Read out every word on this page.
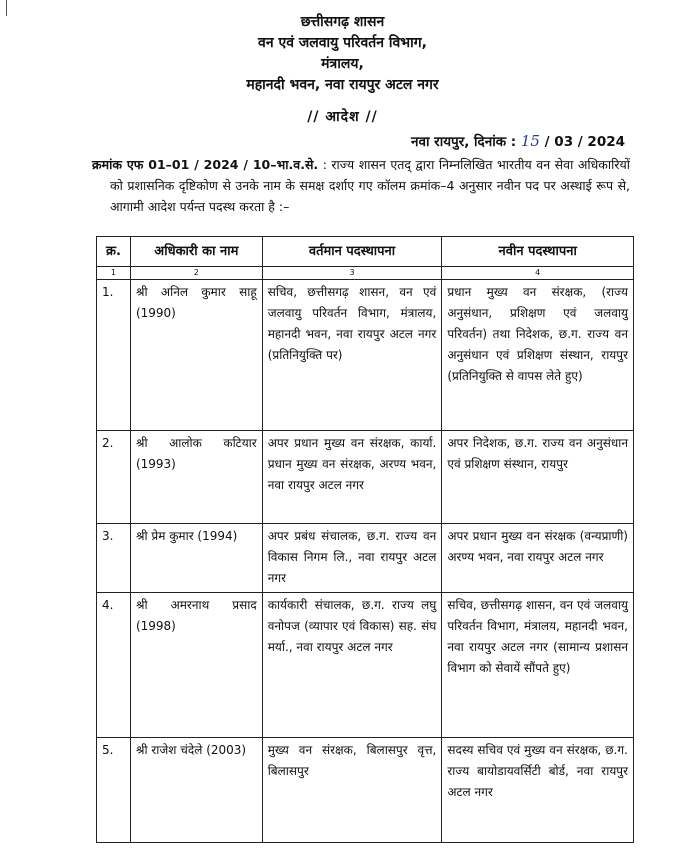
छत्तीसगढ़ शासन
वन एवं जलवायु परिवर्तन विभाग,
मंत्रालय,
महानदी भवन, नवा रायपुर अटल नगर
// आदेश //
नवा रायपुर, दिनांक : 15 / 03 / 2024
क्रमांक एफ 01–01 / 2024 / 10–भा.व.से. : राज्य शासन एतद् द्वारा निम्नलिखित भारतीय वन सेवा अधिकारियों को प्रशासनिक दृष्टिकोण से उनके नाम के समक्ष दर्शाए गए कॉलम क्रमांक–4 अनुसार नवीन पद पर अस्थाई रूप से, आगामी आदेश पर्यन्त पदस्थ करता है :–
क्र.	अधिकारी का नाम	वर्तमान पदस्थापना	नवीन पदस्थापना
1	2	3	4
1.	श्री अनिल कुमार साहू (1990)	सचिव, छत्तीसगढ़ शासन, वन एवं जलवायु परिवर्तन विभाग, मंत्रालय, महानदी भवन, नवा रायपुर अटल नगर (प्रतिनियुक्ति पर)	प्रधान मुख्य वन संरक्षक, (राज्य अनुसंधान, प्रशिक्षण एवं जलवायु परिवर्तन) तथा निदेशक, छ.ग. राज्य वन अनुसंधान एवं प्रशिक्षण संस्थान, रायपुर (प्रतिनियुक्ति से वापस लेते हुए)
2.	श्री आलोक कटियार (1993)	अपर प्रधान मुख्य वन संरक्षक, कार्या. प्रधान मुख्य वन संरक्षक, अरण्य भवन, नवा रायपुर अटल नगर	अपर निदेशक, छ.ग. राज्य वन अनुसंधान एवं प्रशिक्षण संस्थान, रायपुर
3.	श्री प्रेम कुमार (1994)	अपर प्रबंध संचालक, छ.ग. राज्य वन विकास निगम लि., नवा रायपुर अटल नगर	अपर प्रधान मुख्य वन संरक्षक (वन्यप्राणी) अरण्य भवन, नवा रायपुर अटल नगर
4.	श्री अमरनाथ प्रसाद (1998)	कार्यकारी संचालक, छ.ग. राज्य लघु वनोपज (व्यापार एवं विकास) सह. संघ मर्या., नवा रायपुर अटल नगर	सचिव, छत्तीसगढ़ शासन, वन एवं जलवायु परिवर्तन विभाग, मंत्रालय, महानदी भवन, नवा रायपुर अटल नगर (सामान्य प्रशासन विभाग को सेवायें सौंपते हुए)
5.	श्री राजेश चंदेले (2003)	मुख्य वन संरक्षक, बिलासपुर वृत्त, बिलासपुर	सदस्य सचिव एवं मुख्य वन संरक्षक, छ.ग. राज्य बायोडायवर्सिटी बोर्ड, नवा रायपुर अटल नगर
